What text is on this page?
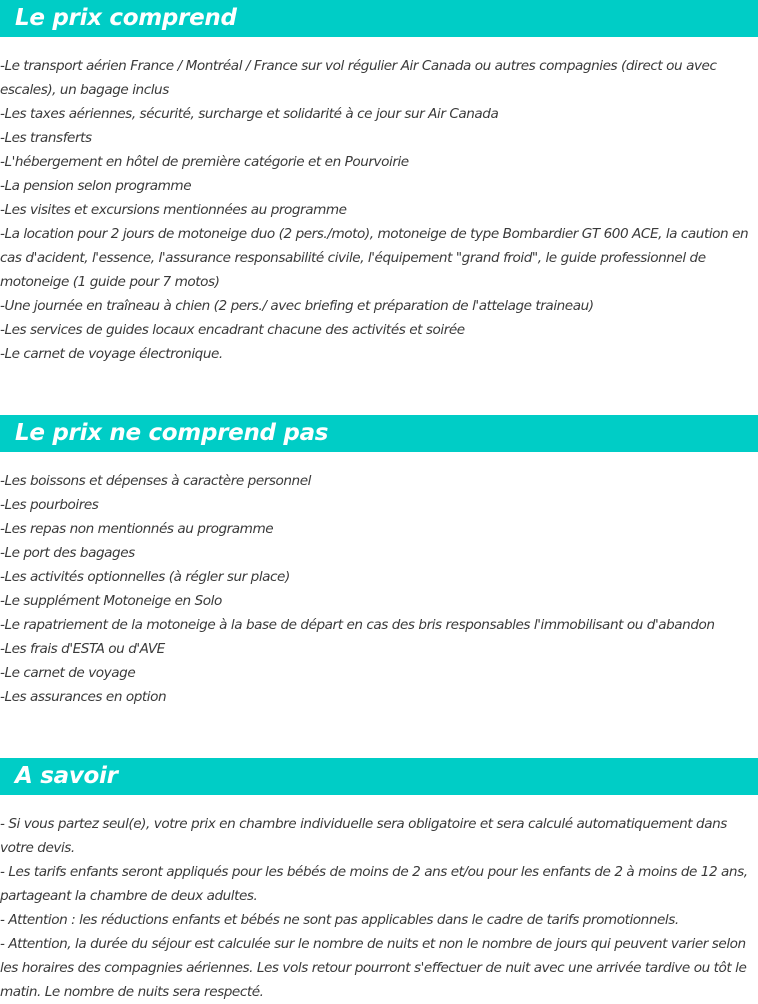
Le prix comprend
-Le transport aérien France / Montréal / France sur vol régulier Air Canada ou autres compagnies (direct ou avec escales), un bagage inclus
-Les taxes aériennes, sécurité, surcharge et solidarité à ce jour sur Air Canada
-Les transferts
-L'hébergement en hôtel de première catégorie et en Pourvoirie
-La pension selon programme
-Les visites et excursions mentionnées au programme
-La location pour 2 jours de motoneige duo (2 pers./moto), motoneige de type Bombardier GT 600 ACE, la caution en cas d'acident, l'essence, l'assurance responsabilité civile, l'équipement "grand froid", le guide professionnel de motoneige (1 guide pour 7 motos)
-Une journée en traîneau à chien (2 pers./ avec briefing et préparation de l'attelage traineau)
-Les services de guides locaux encadrant chacune des activités et soirée
-Le carnet de voyage électronique.
Le prix ne comprend pas
-Les boissons et dépenses à caractère personnel
-Les pourboires
-Les repas non mentionnés au programme
-Le port des bagages
-Les activités optionnelles (à régler sur place)
-Le supplément Motoneige en Solo
-Le rapatriement de la motoneige à la base de départ en cas des bris responsables l'immobilisant ou d'abandon
-Les frais d'ESTA ou d'AVE
-Le carnet de voyage
-Les assurances en option
A savoir
- Si vous partez seul(e), votre prix en chambre individuelle sera obligatoire et sera calculé automatiquement dans votre devis.
- Les tarifs enfants seront appliqués pour les bébés de moins de 2 ans et/ou pour les enfants de 2 à moins de 12 ans, partageant la chambre de deux adultes.
- Attention : les réductions enfants et bébés ne sont pas applicables dans le cadre de tarifs promotionnels.
- Attention, la durée du séjour est calculée sur le nombre de nuits et non le nombre de jours qui peuvent varier selon les horaires des compagnies aériennes. Les vols retour pourront s'effectuer de nuit avec une arrivée tardive ou tôt le matin. Le nombre de nuits sera respecté.
